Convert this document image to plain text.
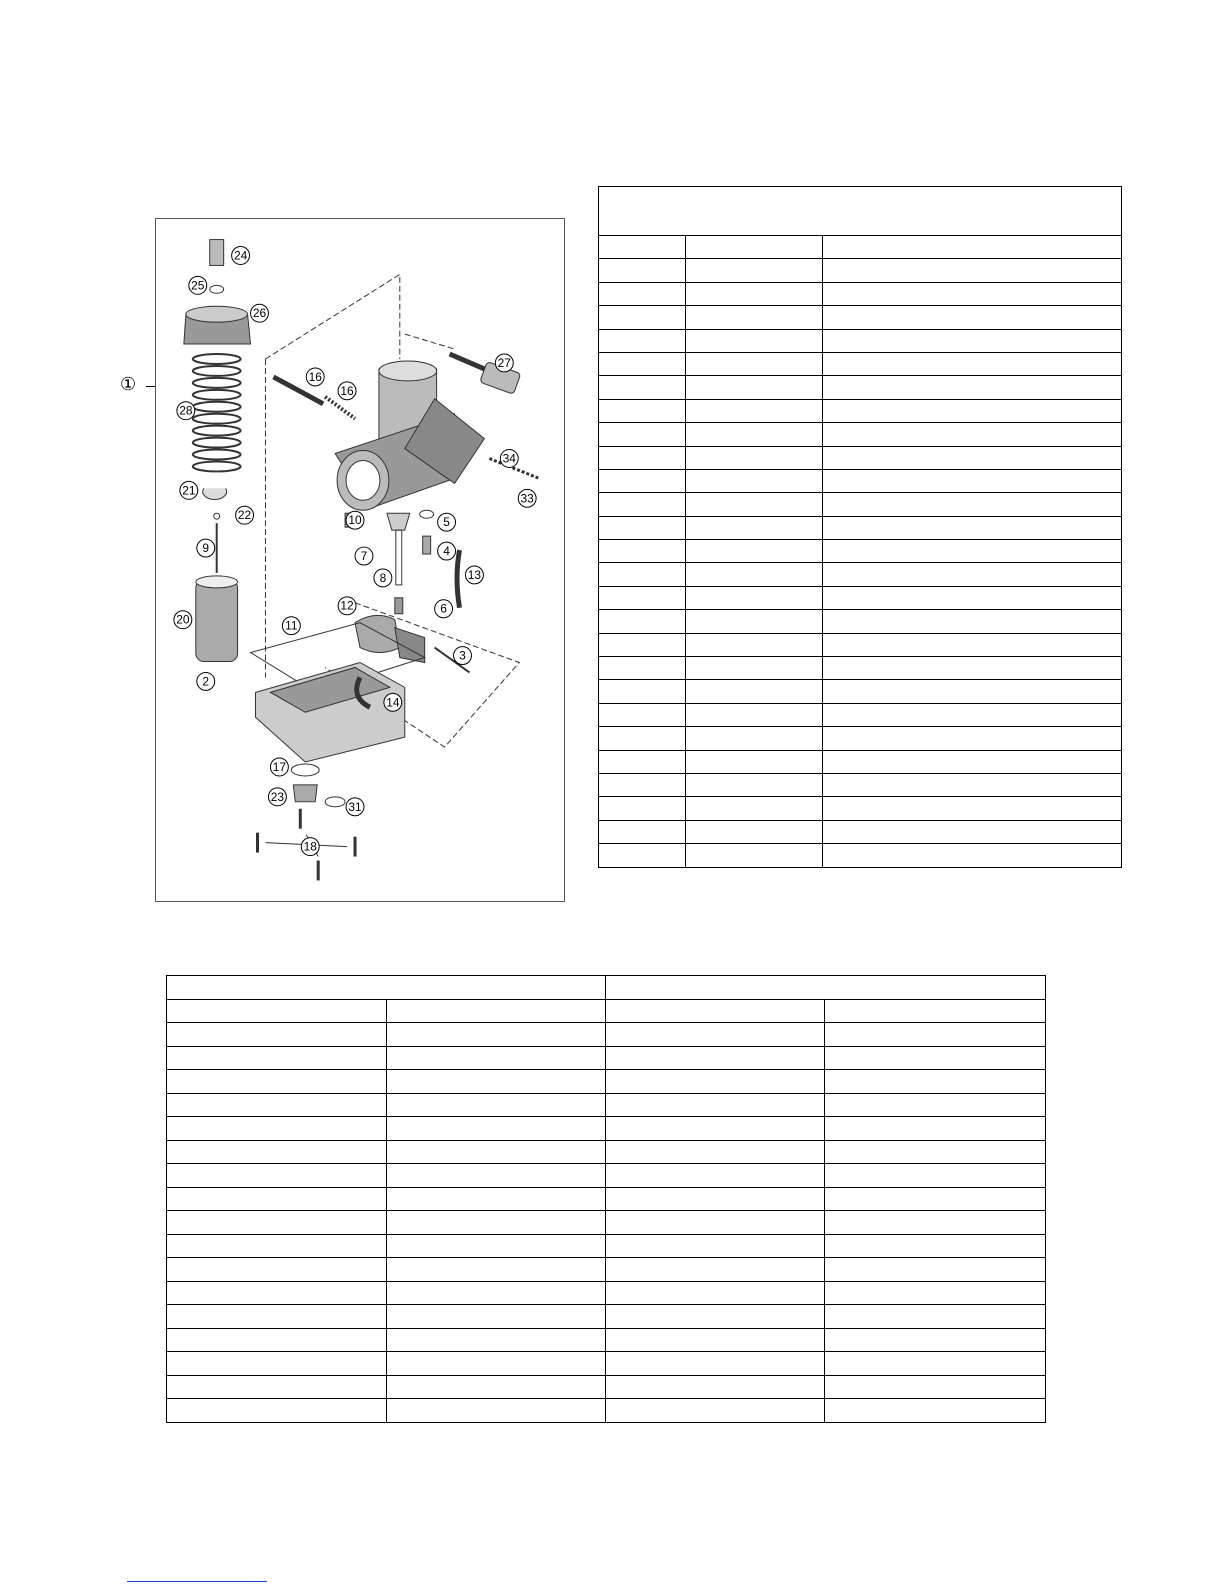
①
2
3
4
5
6
7
8
9
10
11
12
13
14
16
16
17
18
20
21
22
23
24
25
26
27
28
31
33
34
